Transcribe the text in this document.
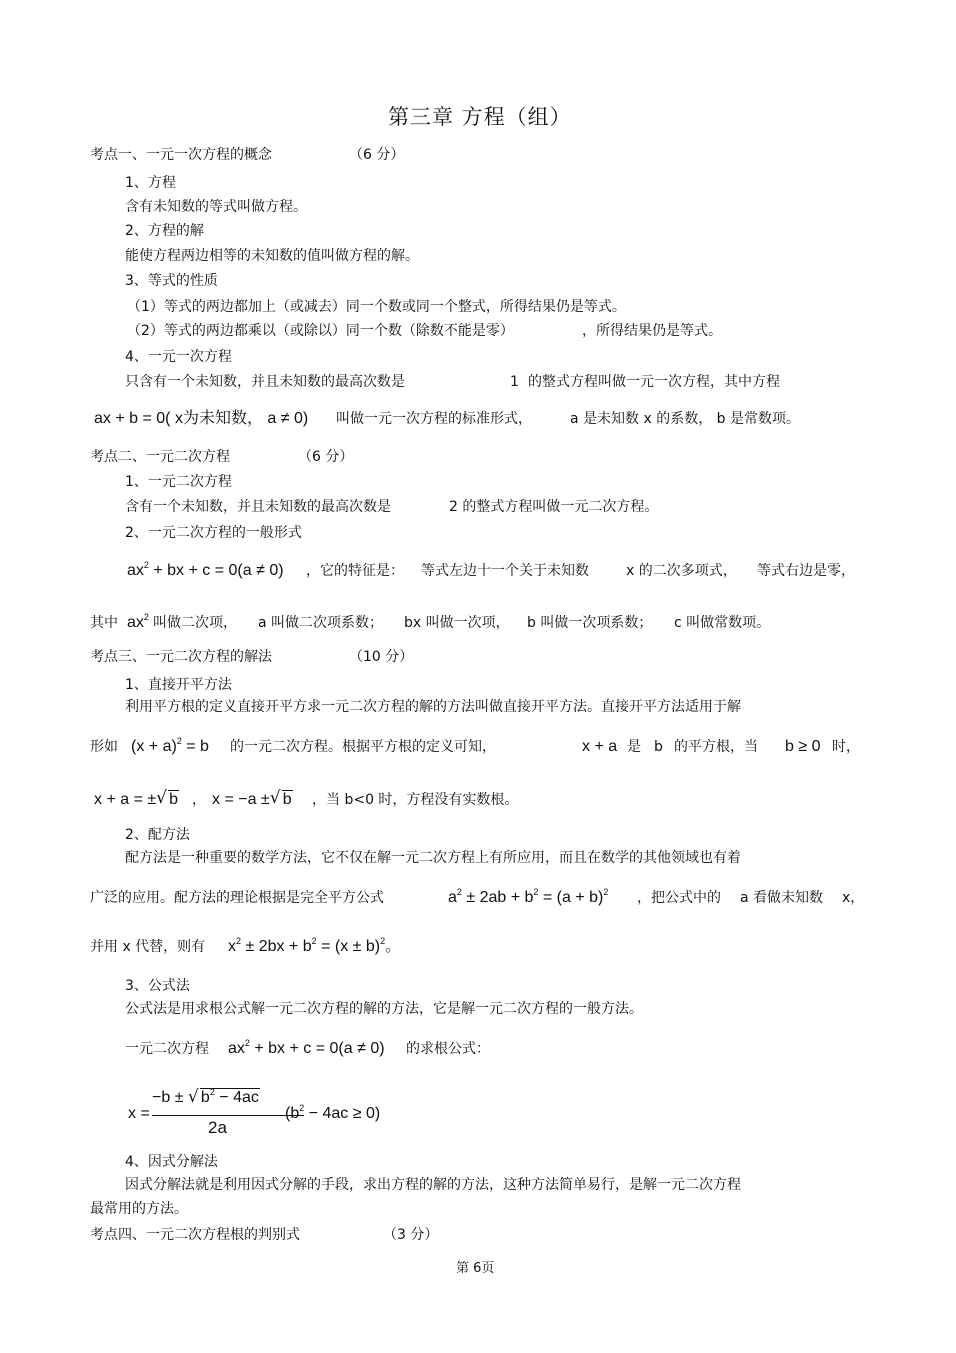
第三章 方程（组）
考点一、一元一次方程的概念	（6 分）
1、方程
含有未知数的等式叫做方程。
2、方程的解
能使方程两边相等的未知数的值叫做方程的解。
3、等式的性质
（1）等式的两边都加上（或减去）同一个数或同一个整式，所得结果仍是等式。
（2）等式的两边都乘以（或除以）同一个数（除数不能是零）	，所得结果仍是等式。
4、一元一次方程
只含有一个未知数，并且未知数的最高次数是	1 的整式方程叫做一元一次方程，其中方程
ax + b = 0( x为未知数， a ≠ 0) 叫做一元一次方程的标准形式，	a 是未知数 x 的系数， b 是常数项。
考点二、一元二次方程	（6 分）
1、一元二次方程
含有一个未知数，并且未知数的最高次数是	2 的整式方程叫做一元二次方程。
2、一元二次方程的一般形式
$ax^2$ + bx + c = 0(a ≠ 0) ，它的特征是： 等式左边十一个关于未知数	x 的二次多项式， 等式右边是零，
其中 $ax^2$ 叫做二次项， a 叫做二次项系数； bx 叫做一次项， b 叫做一次项系数； c 叫做常数项。
考点三、一元二次方程的解法	（10 分）
1、直接开平方法
利用平方根的定义直接开平方求一元二次方程的解的方法叫做直接开平方法。直接开平方法适用于解
形如 $(x + a)^2 = b$ 的一元二次方程。根据平方根的定义可知，	x + a 是 b 的平方根，当 b ≥ 0 时，
x + a = ± √ b ， x = −a ± √ b ，当 b<0 时，方程没有实数根。
2、配方法
配方法是一种重要的数学方法，它不仅在解一元二次方程上有所应用，而且在数学的其他领域也有着
广泛的应用。配方法的理论根据是完全平方公式	$a^2 \pm 2ab + b^2 = (a + b)^2$ ，把公式中的 a 看做未知数 x，
并用 x 代替，则有 $x^2 \pm 2bx + b^2 = (x \pm b)^2$。
3、公式法
公式法是用求根公式解一元二次方程的解的方法，它是解一元二次方程的一般方法。
一元二次方程 $ax^2$ + bx + c = 0(a ≠ 0) 的求根公式：
x =
−b ± √ $b^2 - 4ac$
2a
$(b^2 - 4ac \ge 0)$
4、因式分解法
因式分解法就是利用因式分解的手段，求出方程的解的方法，这种方法简单易行，是解一元二次方程
最常用的方法。
考点四、一元二次方程根的判别式	（3 分）
第 6页
